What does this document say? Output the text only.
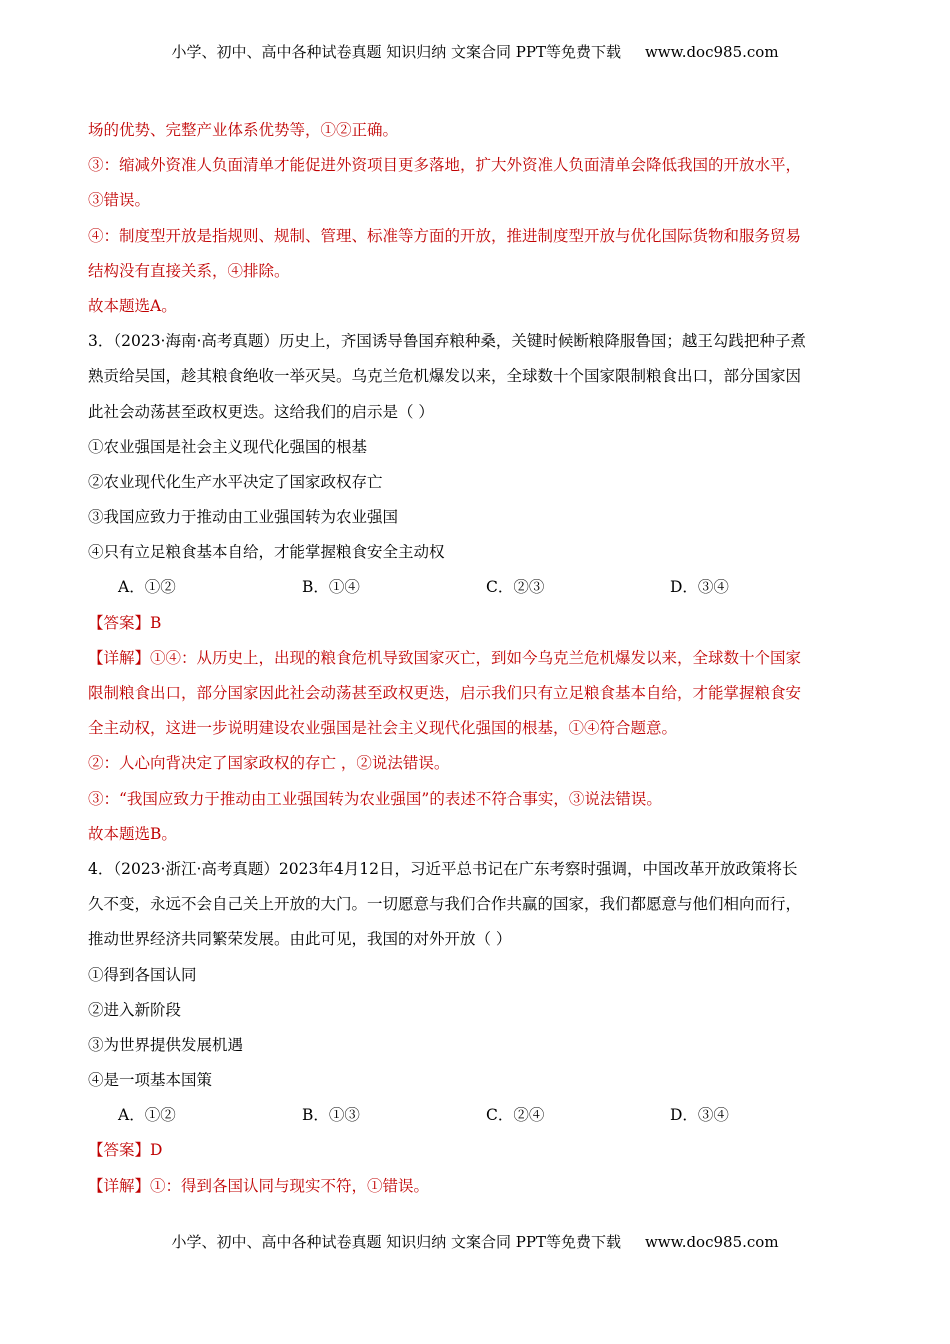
小学、初中、高中各种试卷真题 知识归纳 文案合同 PPT等免费下载 www.doc985.com
场的优势、完整产业体系优势等，①②正确。
③：缩减外资准人负面清单才能促进外资项目更多落地，扩大外资准人负面清单会降低我国的开放水平，
③错误。
④：制度型开放是指规则、规制、管理、标准等方面的开放，推进制度型开放与优化国际货物和服务贸易
结构没有直接关系，④排除。
故本题选A。
3．（2023·海南·高考真题）历史上，齐国诱导鲁国弃粮种桑，关键时候断粮降服鲁国；越王勾践把种子煮
熟贡给吴国，趁其粮食绝收一举灭吴。乌克兰危机爆发以来，全球数十个国家限制粮食出口，部分国家因
此社会动荡甚至政权更迭。这给我们的启示是（ ）
①农业强国是社会主义现代化强国的根基
②农业现代化生产水平决定了国家政权存亡
③我国应致力于推动由工业强国转为农业强国
④只有立足粮食基本自给，才能掌握粮食安全主动权
A．①②	B．①④	C．②③	D．③④
【答案】B
【详解】①④：从历史上，出现的粮食危机导致国家灭亡，到如今乌克兰危机爆发以来，全球数十个国家
限制粮食出口，部分国家因此社会动荡甚至政权更迭，启示我们只有立足粮食基本自给，才能掌握粮食安
全主动权，这进一步说明建设农业强国是社会主义现代化强国的根基，①④符合题意。
②：人心向背决定了国家政权的存亡 ，②说法错误。
③：“我国应致力于推动由工业强国转为农业强国”的表述不符合事实，③说法错误。
故本题选B。
4．（2023·浙江·高考真题）2023年4月12日，习近平总书记在广东考察时强调，中国改革开放政策将长
久不变，永远不会自己关上开放的大门。一切愿意与我们合作共赢的国家，我们都愿意与他们相向而行，
推动世界经济共同繁荣发展。由此可见，我国的对外开放（ ）
①得到各国认同
②进入新阶段
③为世界提供发展机遇
④是一项基本国策
A．①②	B．①③	C．②④	D．③④
【答案】D
【详解】①：得到各国认同与现实不符，①错误。
小学、初中、高中各种试卷真题 知识归纳 文案合同 PPT等免费下载 www.doc985.com
